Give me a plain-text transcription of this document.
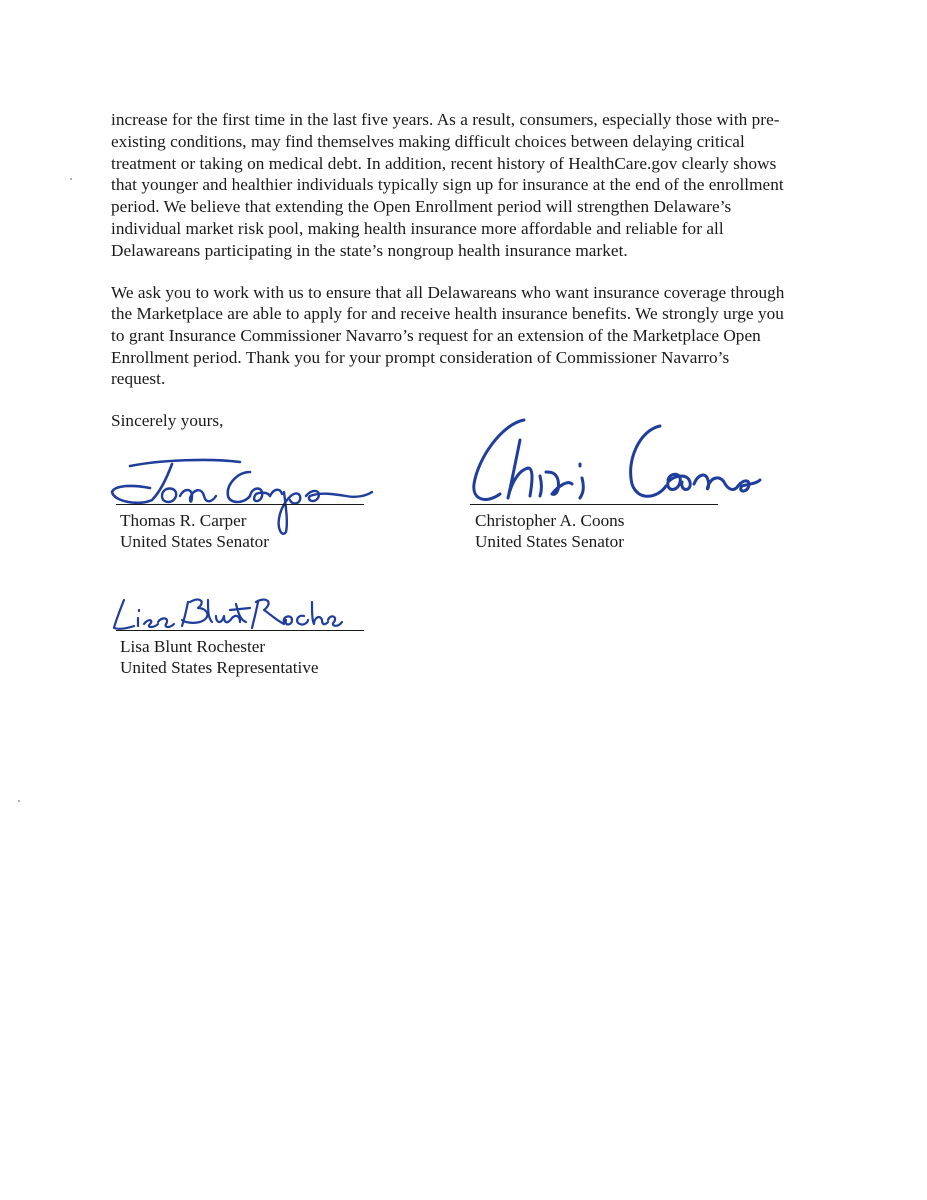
increase for the first time in the last five years. As a result, consumers, especially those with pre-
existing conditions, may find themselves making difficult choices between delaying critical
treatment or taking on medical debt. In addition, recent history of HealthCare.gov clearly shows
that younger and healthier individuals typically sign up for insurance at the end of the enrollment
period. We believe that extending the Open Enrollment period will strengthen Delaware’s
individual market risk pool, making health insurance more affordable and reliable for all
Delawareans participating in the state’s nongroup health insurance market.
We ask you to work with us to ensure that all Delawareans who want insurance coverage through
the Marketplace are able to apply for and receive health insurance benefits. We strongly urge you
to grant Insurance Commissioner Navarro’s request for an extension of the Marketplace Open
Enrollment period. Thank you for your prompt consideration of Commissioner Navarro’s
request.
Sincerely yours,
Thomas R. Carper
United States Senator
Christopher A. Coons
United States Senator
Lisa Blunt Rochester
United States Representative
